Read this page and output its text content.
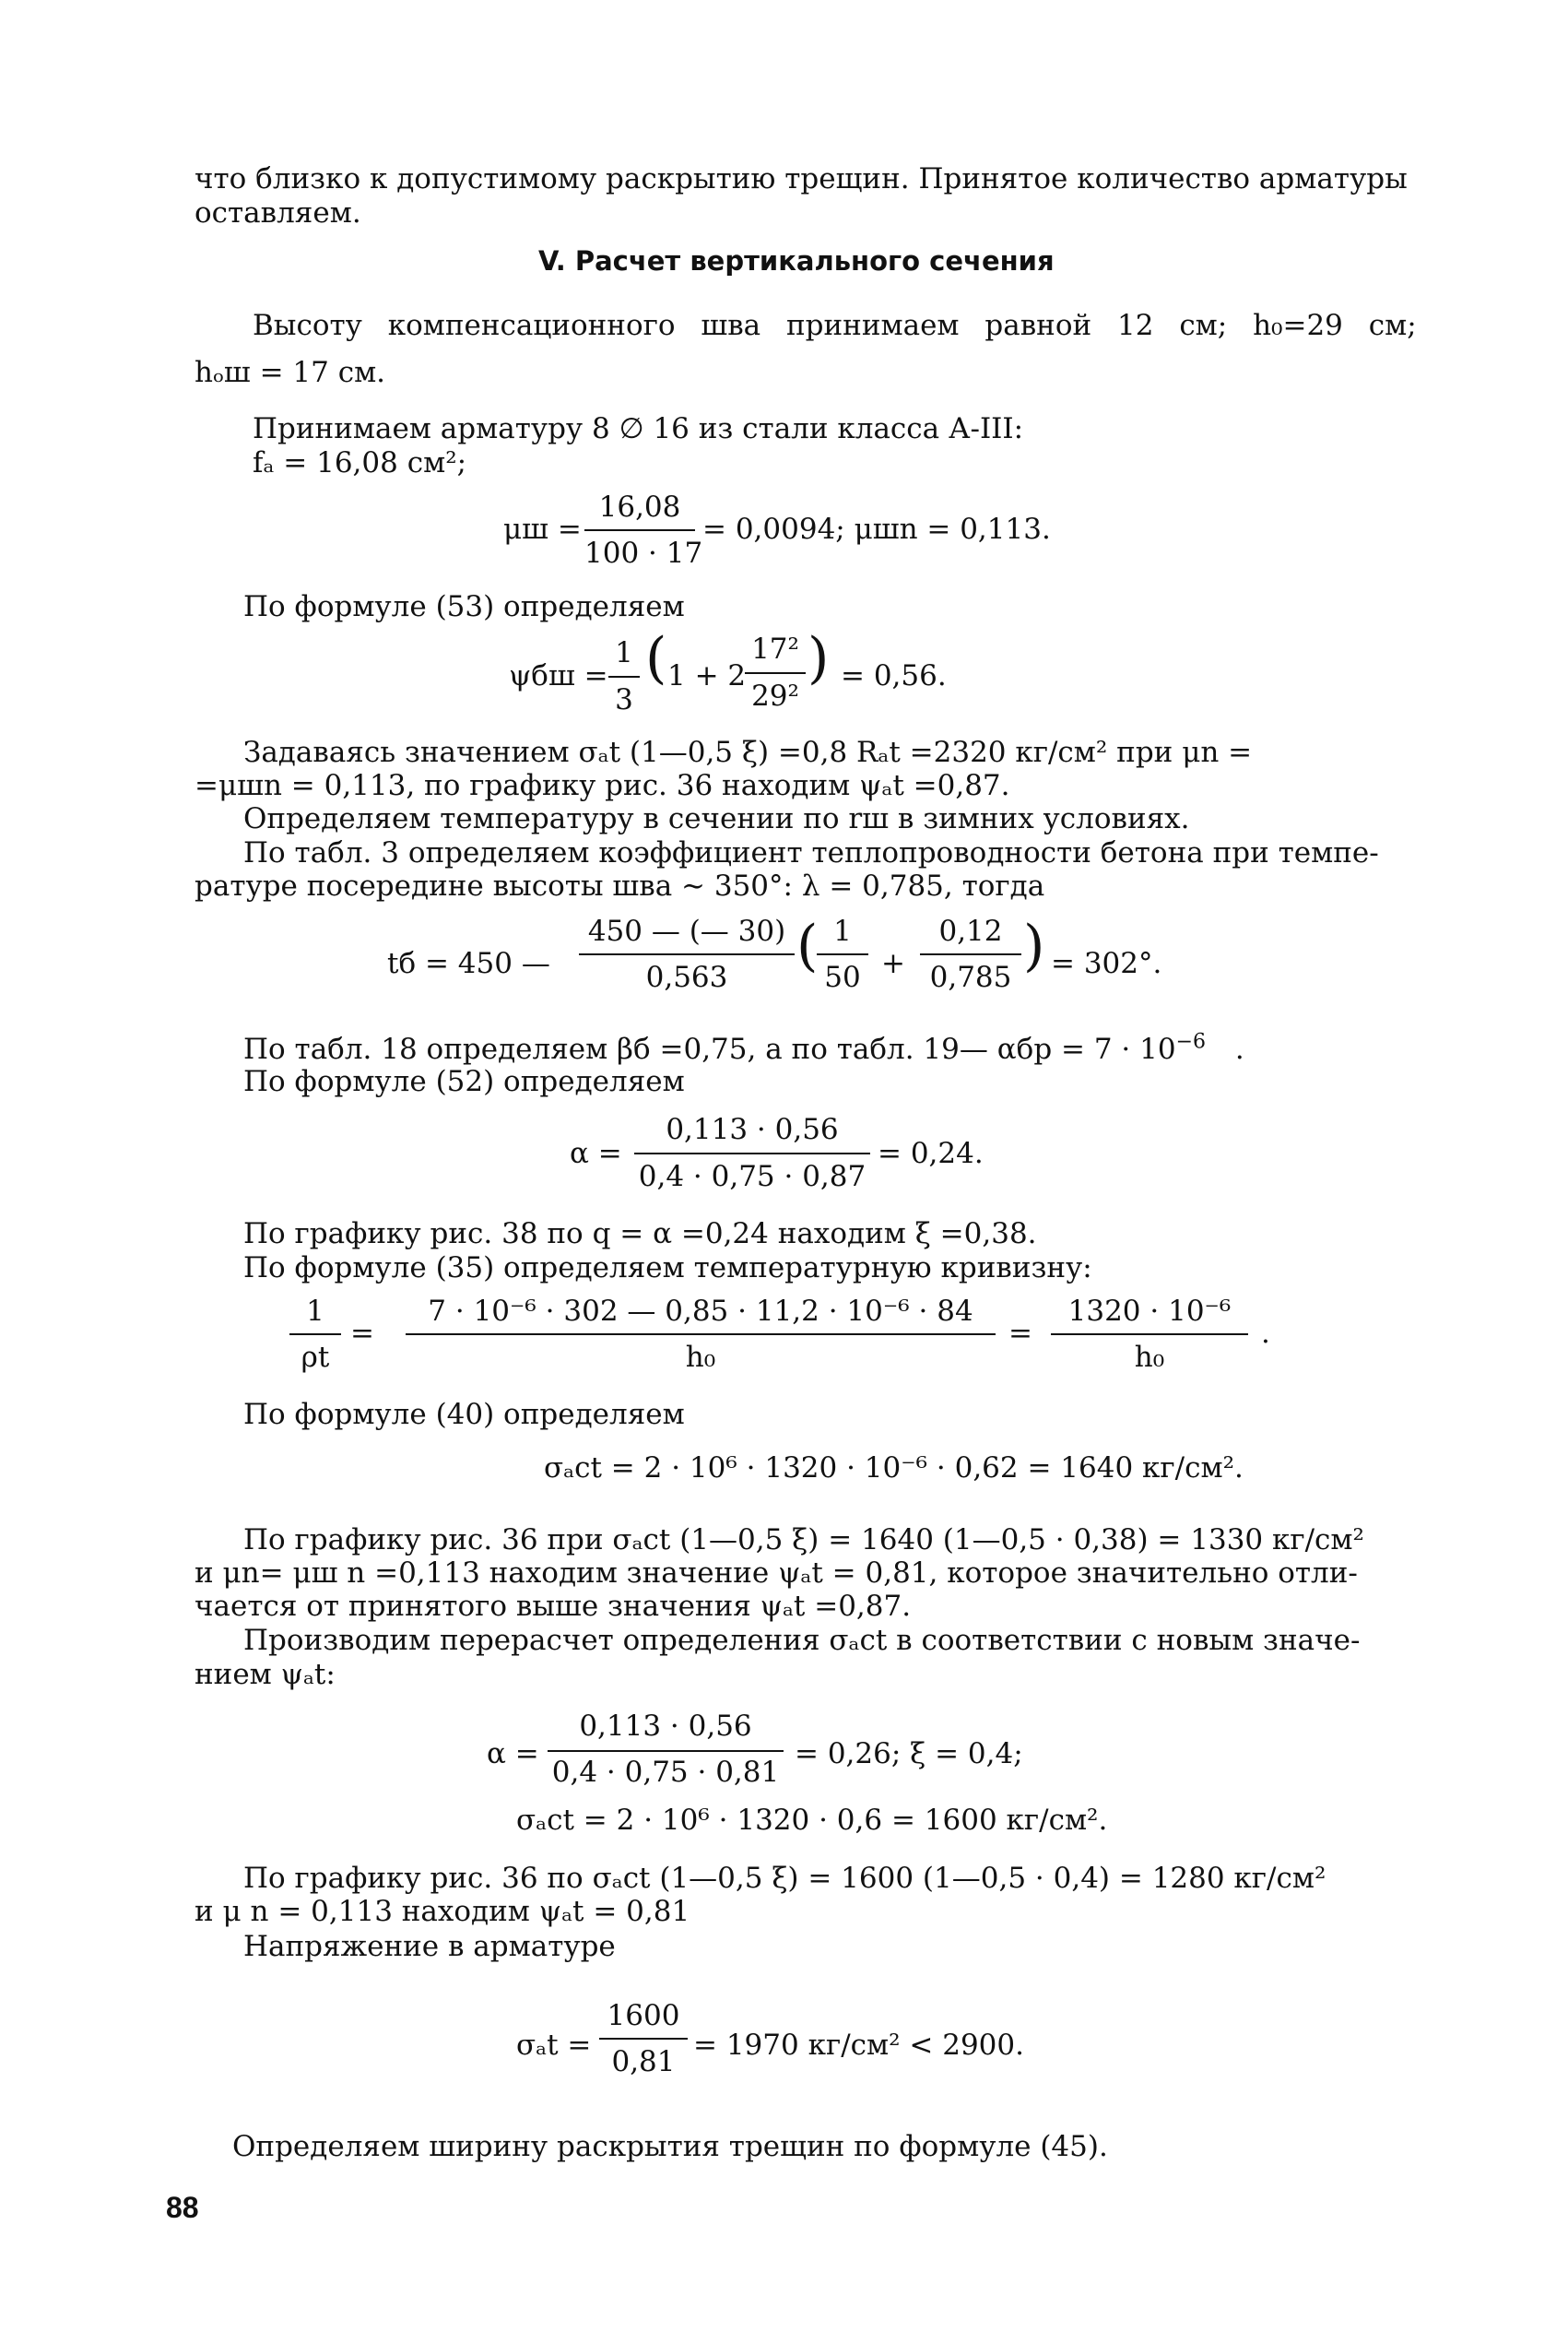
что близко к допустимому раскрытию трещин. Принятое количество арматуры
оставляем.
V. Расчет вертикального сечения
Высоту компенсационного шва принимаем равной 12 см; h₀=29 см;
hₒш = 17 см.
Принимаем арматуру 8 ∅ 16 из стали класса А-III:
fₐ = 16,08 см²;
μш =
16,08
100 · 17
= 0,0094; μшn = 0,113.
По формуле (53) определяем
ψбш =
1
3
( 1 + 2
17²
29²
) = 0,56.
Задаваясь значением σₐt (1—0,5 ξ) =0,8 Rₐt =2320 кг/см² при μn =
=μшn = 0,113, по графику рис. 36 находим ψₐt =0,87.
Определяем температуру в сечении по rш в зимних условиях.
По табл. 3 определяем коэффициент теплопроводности бетона при темпе-
ратуре посередине высоты шва ∼ 350°: λ = 0,785, тогда
tб = 450 —
450 — (— 30)
0,563	( 1
50 +
0,12
0,785 ) = 302°.
По табл. 18 определяем βб =0,75, а по табл. 19— $\alpha бр = 7 \cdot 10^{-6}$ .
По формуле (52) определяем
α =
0,113 · 0,56
0,4 · 0,75 · 0,87
= 0,24.
По графику рис. 38 по q = α =0,24 находим ξ =0,38.
По формуле (35) определяем температурную кривизну:
1
ρt
=
7 · 10⁻⁶ · 302 — 0,85 · 11,2 · 10⁻⁶ · 84
h₀
=
1320 · 10⁻⁶
h₀
.
По формуле (40) определяем
σₐct = 2 · 10⁶ · 1320 · 10⁻⁶ · 0,62 = 1640 кг/см².
По графику рис. 36 при σₐct (1—0,5 ξ) = 1640 (1—0,5 · 0,38) = 1330 кг/см²
и μn= μш n =0,113 находим значение ψₐt = 0,81, которое значительно отли-
чается от принятого выше значения ψₐt =0,87.
Производим перерасчет определения σₐct в соответствии с новым значе-
нием ψₐt:
α =
0,113 · 0,56
0,4 · 0,75 · 0,81
= 0,26; ξ = 0,4;
σₐct = 2 · 10⁶ · 1320 · 0,6 = 1600 кг/см².
По графику рис. 36 по σₐct (1—0,5 ξ) = 1600 (1—0,5 · 0,4) = 1280 кг/см²
и μ n = 0,113 находим ψₐt = 0,81
Напряжение в арматуре
σₐt =
1600
0,81 = 1970 кг/см² < 2900.
Определяем ширину раскрытия трещин по формуле (45).
88
